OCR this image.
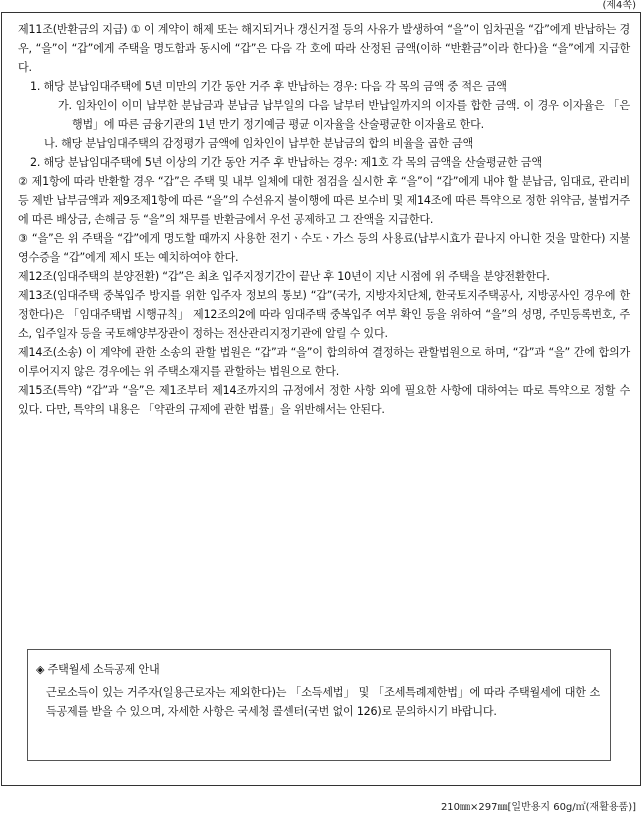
(제4쪽)

제11조(반환금의 지급) ① 이 계약이 해제 또는 해지되거나 갱신거절 등의 사유가 발생하여 “을”이 임차권을 “갑”에게 반납하는 경우, “을”이 “갑”에게 주택을 명도함과 동시에 “갑”은 다음 각 호에 따라 산정된 금액(이하 “반환금”이라 한다)을 “을”에게 지급한다.

1. 해당 분납임대주택에 5년 미만의 기간 동안 거주 후 반납하는 경우: 다음 각 목의 금액 중 적은 금액

가. 임차인이 이미 납부한 분납금과 분납금 납부일의 다음 날부터 반납일까지의 이자를 합한 금액. 이 경우 이자율은 「은행법」에 따른 금융기관의 1년 만기 정기예금 평균 이자율을 산술평균한 이자율로 한다.

나. 해당 분납임대주택의 감정평가 금액에 임차인이 납부한 분납금의 합의 비율을 곱한 금액

2. 해당 분납임대주택에 5년 이상의 기간 동안 거주 후 반납하는 경우: 제1호 각 목의 금액을 산술평균한 금액

② 제1항에 따라 반환할 경우 “갑”은 주택 및 내부 일체에 대한 점검을 실시한 후 “을”이 “갑”에게 내야 할 분납금, 임대료, 관리비 등 제반 납부금액과 제9조제1항에 따른 “을”의 수선유지 불이행에 따른 보수비 및 제14조에 따른 특약으로 정한 위약금, 불법거주에 따른 배상금, 손해금 등 “을”의 채무를 반환금에서 우선 공제하고 그 잔액을 지급한다.

③ “을”은 위 주택을 “갑”에게 명도할 때까지 사용한 전기ㆍ수도ㆍ가스 등의 사용료(납부시효가 끝나지 아니한 것을 말한다) 지불 영수증을 “갑”에게 제시 또는 예치하여야 한다.

제12조(임대주택의 분양전환) “갑”은 최초 입주지정기간이 끝난 후 10년이 지난 시점에 위 주택을 분양전환한다.

제13조(임대주택 중복입주 방지를 위한 입주자 정보의 통보) “갑”(국가, 지방자치단체, 한국토지주택공사, 지방공사인 경우에 한정한다)은 「임대주택법 시행규칙」 제12조의2에 따라 임대주택 중복입주 여부 확인 등을 위하여 “을”의 성명, 주민등록번호, 주소, 입주일자 등을 국토해양부장관이 정하는 전산관리지정기관에 알릴 수 있다.

제14조(소송) 이 계약에 관한 소송의 관할 법원은 “갑”과 “을”이 합의하여 결정하는 관할법원으로 하며, “갑”과 “을” 간에 합의가 이루어지지 않은 경우에는 위 주택소재지를 관할하는 법원으로 한다.

제15조(특약) “갑”과 “을”은 제1조부터 제14조까지의 규정에서 정한 사항 외에 필요한 사항에 대하여는 따로 특약으로 정할 수 있다. 다만, 특약의 내용은 「약관의 규제에 관한 법률」을 위반해서는 안된다.

◈ 주택월세 소득공제 안내

근로소득이 있는 거주자(일용근로자는 제외한다)는 「소득세법」 및 「조세특례제한법」에 따라 주택월세에 대한 소득공제를 받을 수 있으며, 자세한 사항은 국세청 콜센터(국번 없이 126)로 문의하시기 바랍니다.

210㎜×297㎜[일반용지 60g/㎡(재활용품)]
